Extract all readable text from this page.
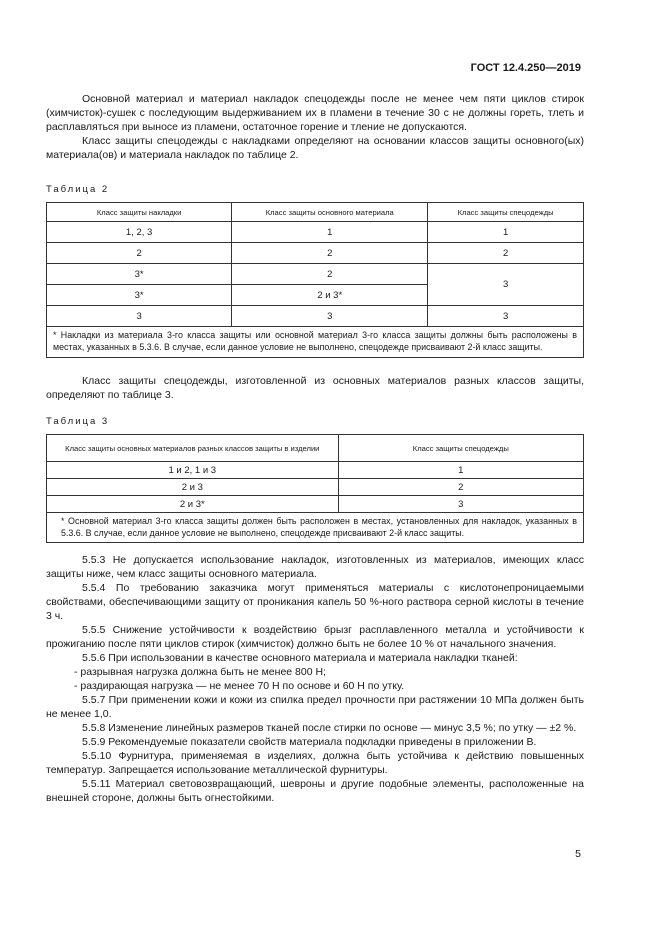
ГОСТ 12.4.250—2019

Основной материал и материал накладок спецодежды после не менее чем пяти циклов стирок (химчисток)-сушек с последующим выдерживанием их в пламени в течение 30 с не должны гореть, тлеть и расплавляться при выносе из пламени, остаточное горение и тление не допускаются.

Класс защиты спецодежды с накладками определяют на основании классов защиты основного(ых) материала(ов) и материала накладок по таблице 2.

Таблица 2
Класс защиты накладки	Класс защиты основного материала	Класс защиты спецодежды
1, 2, 3	1	1
2	2	2
3*	2	3
3*	2 и 3*	
3	3	3
* Накладки из материала 3-го класса защиты или основной материал 3-го класса защиты должны быть расположены в местах, указанных в 5.3.6. В случае, если данное условие не выполнено, спецодежде присваивают 2-й класс защиты.		

Класс защиты спецодежды, изготовленной из основных материалов разных классов защиты, определяют по таблице 3.

Таблица 3
Класс защиты основных материалов разных классов защиты в изделии	Класс защиты спецодежды
1 и 2, 1 и 3	1
2 и 3	2
2 и 3*	3
* Основной материал 3-го класса защиты должен быть расположен в местах, установленных для накладок, указанных в 5.3.6. В случае, если данное условие не выполнено, спецодежде присваивают 2-й класс защиты.	

5.5.3 Не допускается использование накладок, изготовленных из материалов, имеющих класс защиты ниже, чем класс защиты основного материала.

5.5.4 По требованию заказчика могут применяться материалы с кислотонепроницаемыми свойствами, обеспечивающими защиту от проникания капель 50 %-ного раствора серной кислоты в течение 3 ч.

5.5.5 Снижение устойчивости к воздействию брызг расплавленного металла и устойчивости к прожиганию после пяти циклов стирок (химчисток) должно быть не более 10 % от начального значения.

5.5.6 При использовании в качестве основного материала и материала накладки тканей:

- разрывная нагрузка должна быть не менее 800 Н;

- раздирающая нагрузка — не менее 70 Н по основе и 60 Н по утку.

5.5.7 При применении кожи и кожи из спилка предел прочности при растяжении 10 МПа должен быть не менее 1,0.

5.5.8 Изменение линейных размеров тканей после стирки по основе — минус 3,5 %; по утку — ±2 %.

5.5.9 Рекомендуемые показатели свойств материала подкладки приведены в приложении В.

5.5.10 Фурнитура, применяемая в изделиях, должна быть устойчива к действию повышенных температур. Запрещается использование металлической фурнитуры.

5.5.11 Материал световозвращающий, шевроны и другие подобные элементы, расположенные на внешней стороне, должны быть огнестойкими.

5
